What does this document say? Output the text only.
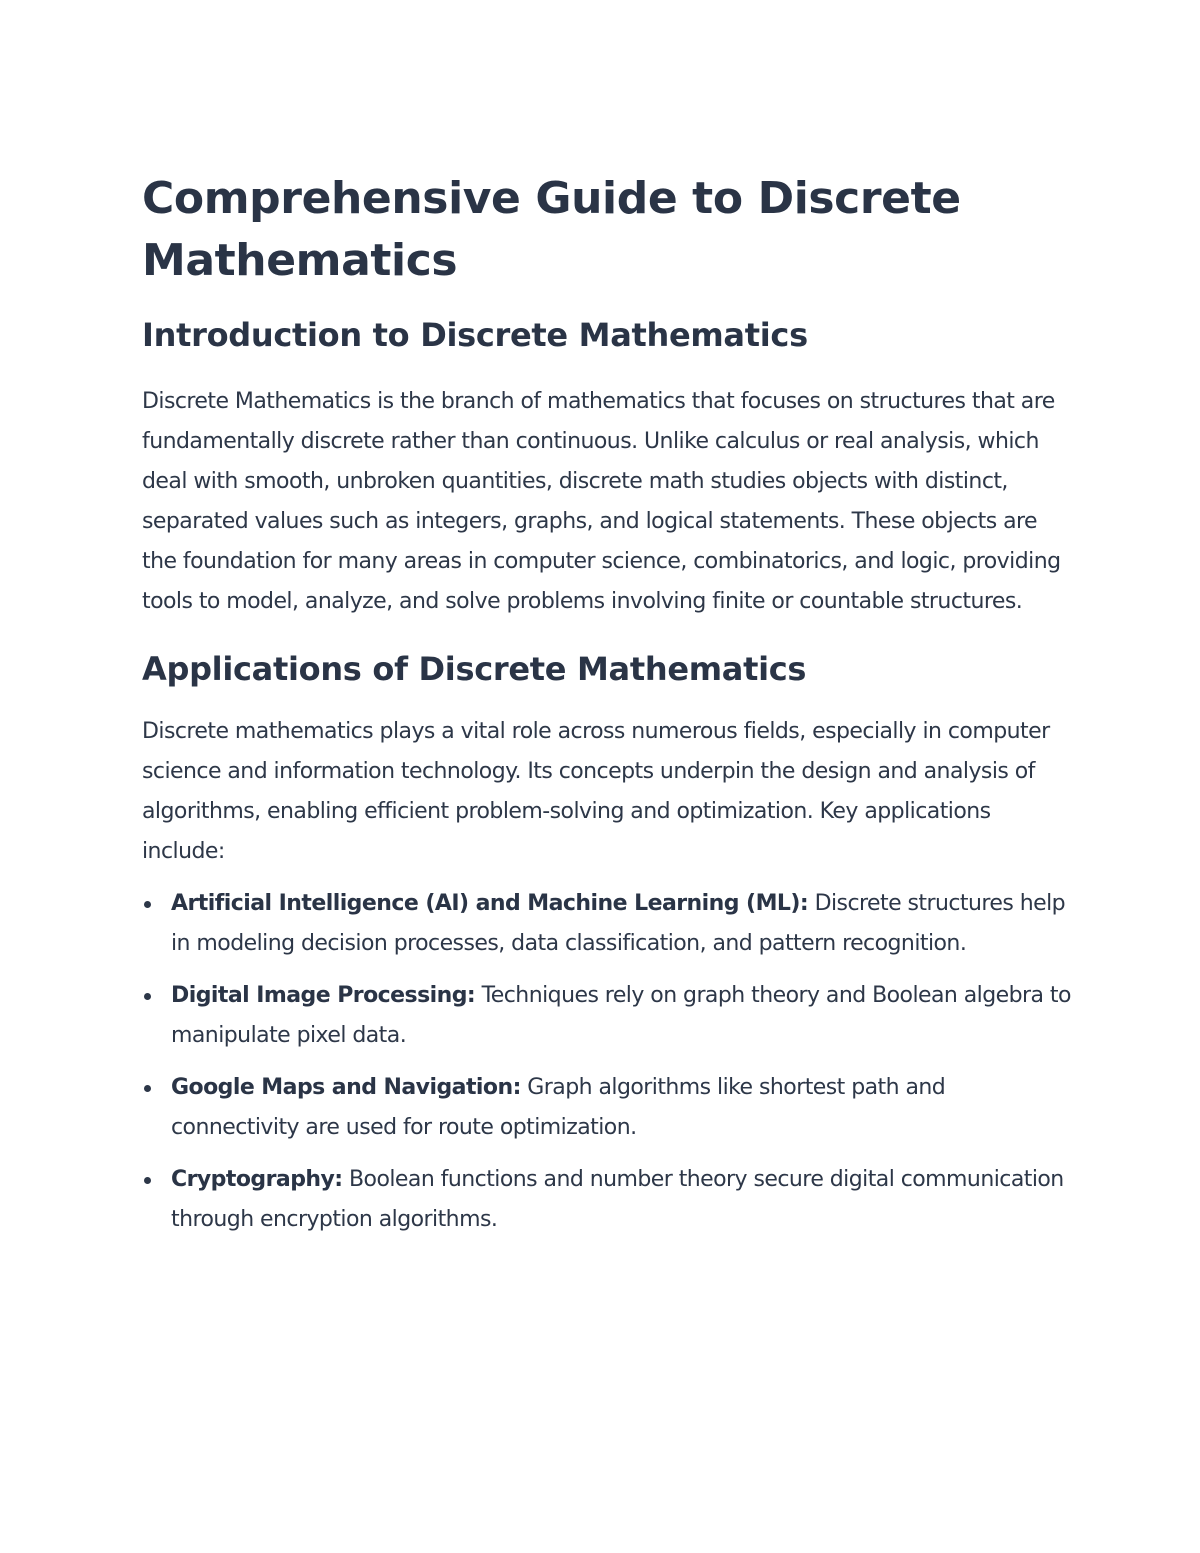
Comprehensive Guide to Discrete Mathematics
Introduction to Discrete Mathematics

Discrete Mathematics is the branch of mathematics that focuses on structures that are fundamentally discrete rather than continuous. Unlike calculus or real analysis, which deal with smooth, unbroken quantities, discrete math studies objects with distinct, separated values such as integers, graphs, and logical statements. These objects are the foundation for many areas in computer science, combinatorics, and logic, providing tools to model, analyze, and solve problems involving finite or countable structures.

Applications of Discrete Mathematics

Discrete mathematics plays a vital role across numerous fields, especially in computer science and information technology. Its concepts underpin the design and analysis of algorithms, enabling efficient problem-solving and optimization. Key applications include:

Artificial Intelligence (AI) and Machine Learning (ML): Discrete structures help in modeling decision processes, data classification, and pattern recognition.
Digital Image Processing: Techniques rely on graph theory and Boolean algebra to manipulate pixel data.
Google Maps and Navigation: Graph algorithms like shortest path and connectivity are used for route optimization.
Cryptography: Boolean functions and number theory secure digital communication through encryption algorithms.
